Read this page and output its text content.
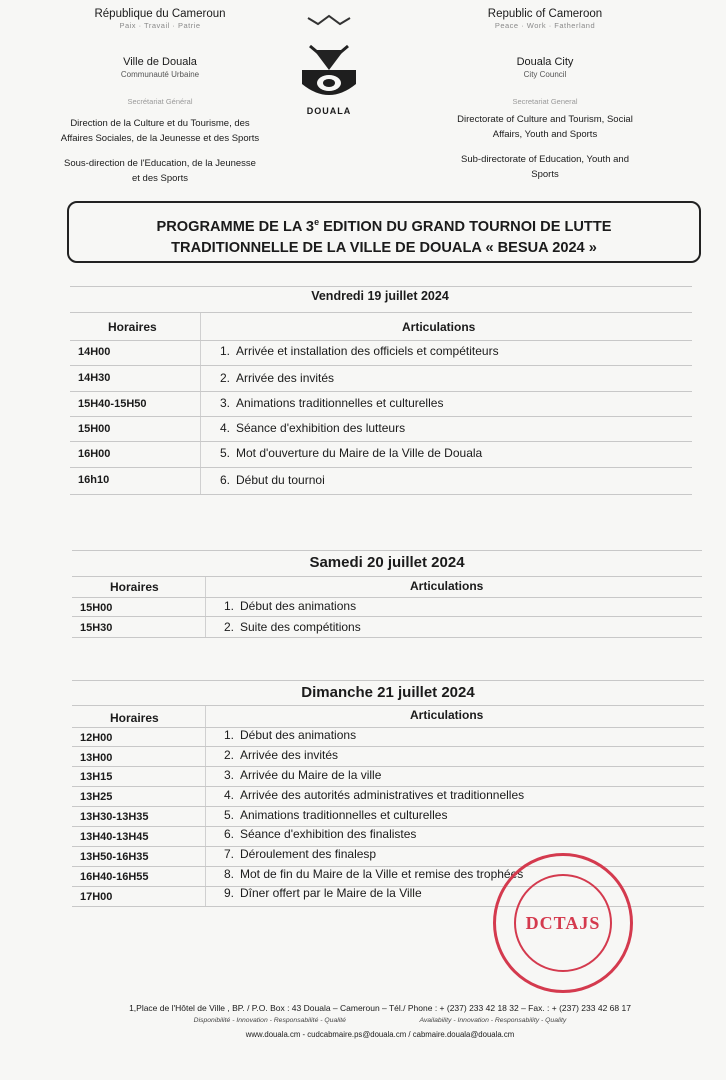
République du Cameroun
Paix · Travail · Patrie
Ville de Douala
Communauté Urbaine
Secrétariat Général
Direction de la Culture et du Tourisme, des
Affaires Sociales, de la Jeunesse et des Sports
Sous-direction de l'Education, de la Jeunesse
et des Sports
DOUALA
Republic of Cameroon
Peace · Work · Fatherland
Douala City
City Council
Secretariat General
Directorate of Culture and Tourism, Social
Affairs, Youth and Sports
Sub-directorate of Education, Youth and
Sports
PROGRAMME DE LA 3e EDITION DU GRAND TOURNOI DE LUTTE
TRADITIONNELLE DE LA VILLE DE DOUALA « BESUA 2024 »
Vendredi 19 juillet 2024
Horaires	Articulations
14H00	1. Arrivée et installation des officiels et compétiteurs
14H30	2. Arrivée des invités
15H40-15H50	3. Animations traditionnelles et culturelles
15H00	4. Séance d'exhibition des lutteurs
16H00	5. Mot d'ouverture du Maire de la Ville de Douala
16h10	6. Début du tournoi
Samedi 20 juillet 2024
Horaires	Articulations
15H00	1. Début des animations
15H30	2. Suite des compétitions
Dimanche 21 juillet 2024
Horaires	Articulations
12H00	1. Début des animations
13H00	2. Arrivée des invités
13H15	3. Arrivée du Maire de la ville
13H25	4. Arrivée des autorités administratives et traditionnelles
13H30-13H35	5. Animations traditionnelles et culturelles
13H40-13H45	6. Séance d'exhibition des finalistes
13H50-16H35	7. Déroulement des finalesp
16H40-16H55	8. Mot de fin du Maire de la Ville et remise des trophées
17H00	9. Dîner offert par le Maire de la Ville
DCTAJS
1,Place de l'Hôtel de Ville , BP. / P.O. Box : 43 Douala – Cameroun – Tél./ Phone : + (237) 233 42 18 32 – Fax. : + (237) 233 42 68 17
Disponibilité - Innovation - Responsabilité - Qualité	Availability - Innovation - Responsability - Quality
www.douala.cm - cudcabmaire.ps@douala.cm / cabmaire.douala@douala.cm
